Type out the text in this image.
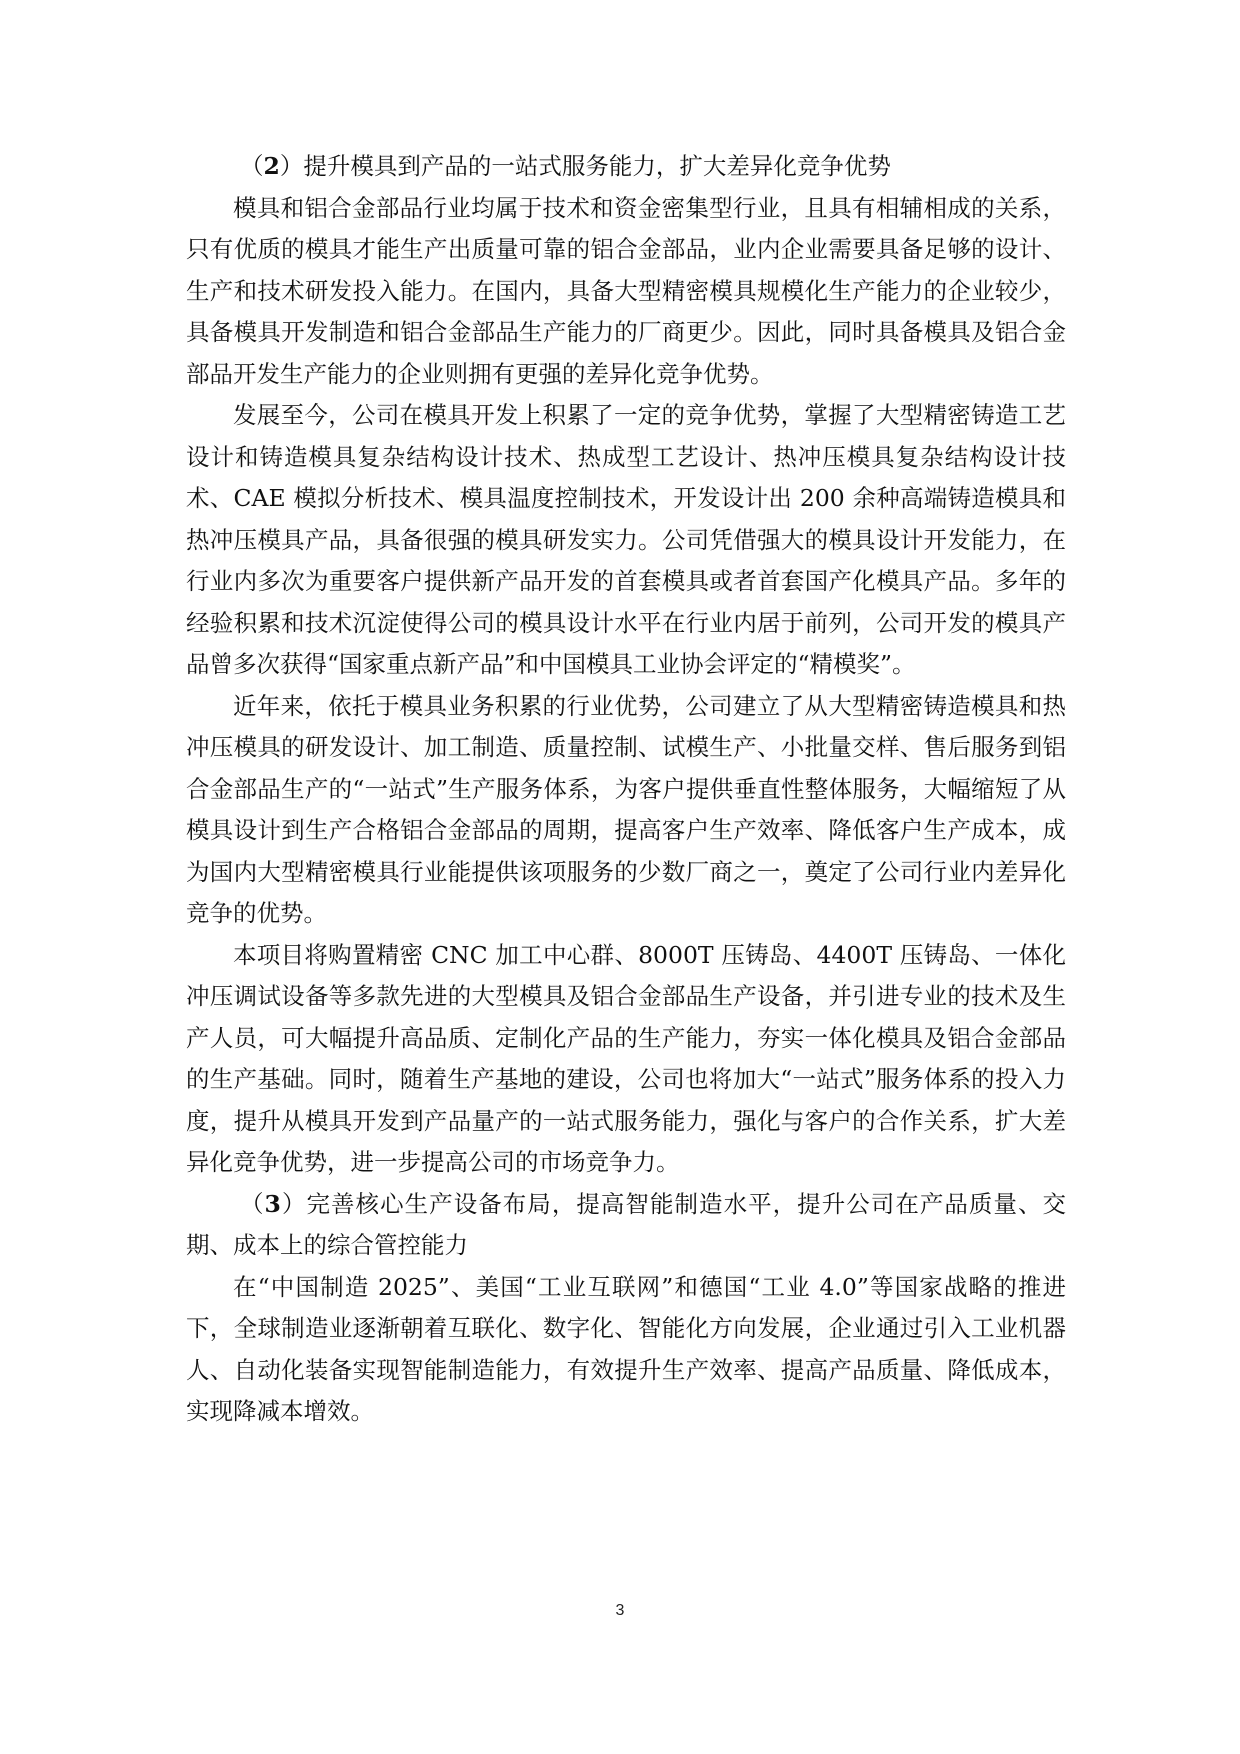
（2）提升模具到产品的一站式服务能力，扩大差异化竞争优势

模具和铝合金部品行业均属于技术和资金密集型行业，且具有相辅相成的关系，只有优质的模具才能生产出质量可靠的铝合金部品，业内企业需要具备足够的设计、生产和技术研发投入能力。在国内，具备大型精密模具规模化生产能力的企业较少，具备模具开发制造和铝合金部品生产能力的厂商更少。因此，同时具备模具及铝合金部品开发生产能力的企业则拥有更强的差异化竞争优势。

发展至今，公司在模具开发上积累了一定的竞争优势，掌握了大型精密铸造工艺设计和铸造模具复杂结构设计技术、热成型工艺设计、热冲压模具复杂结构设计技术、CAE 模拟分析技术、模具温度控制技术，开发设计出 200 余种高端铸造模具和热冲压模具产品，具备很强的模具研发实力。公司凭借强大的模具设计开发能力，在行业内多次为重要客户提供新产品开发的首套模具或者首套国产化模具产品。多年的经验积累和技术沉淀使得公司的模具设计水平在行业内居于前列，公司开发的模具产品曾多次获得“国家重点新产品”和中国模具工业协会评定的“精模奖”。

近年来，依托于模具业务积累的行业优势，公司建立了从大型精密铸造模具和热冲压模具的研发设计、加工制造、质量控制、试模生产、小批量交样、售后服务到铝合金部品生产的“一站式”生产服务体系，为客户提供垂直性整体服务，大幅缩短了从模具设计到生产合格铝合金部品的周期，提高客户生产效率、降低客户生产成本，成为国内大型精密模具行业能提供该项服务的少数厂商之一，奠定了公司行业内差异化竞争的优势。

本项目将购置精密 CNC 加工中心群、8000T 压铸岛、4400T 压铸岛、一体化冲压调试设备等多款先进的大型模具及铝合金部品生产设备，并引进专业的技术及生产人员，可大幅提升高品质、定制化产品的生产能力，夯实一体化模具及铝合金部品的生产基础。同时，随着生产基地的建设，公司也将加大“一站式”服务体系的投入力度，提升从模具开发到产品量产的一站式服务能力，强化与客户的合作关系，扩大差异化竞争优势，进一步提高公司的市场竞争力。

（3）完善核心生产设备布局，提高智能制造水平，提升公司在产品质量、交期、成本上的综合管控能力

在“中国制造 2025”、美国“工业互联网”和德国“工业 4.0”等国家战略的推进下，全球制造业逐渐朝着互联化、数字化、智能化方向发展，企业通过引入工业机器人、自动化装备实现智能制造能力，有效提升生产效率、提高产品质量、降低成本，实现降减本增效。

3
